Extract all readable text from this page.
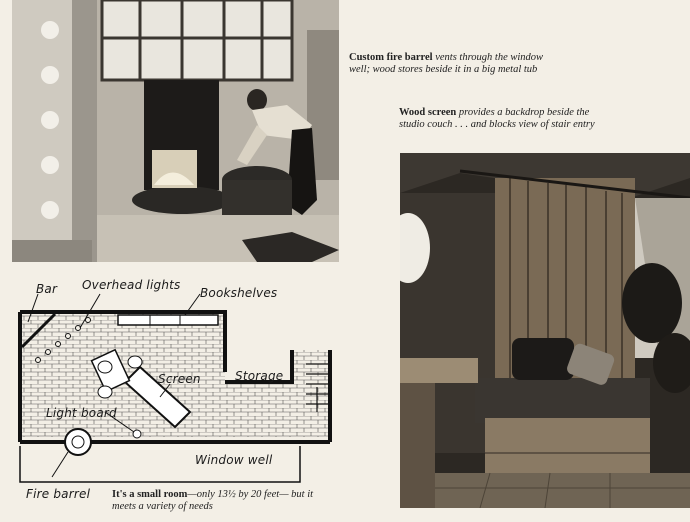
Custom fire barrel vents through the window well; wood stores beside it in a big metal tub
Wood screen provides a backdrop beside the studio couch . . . and blocks view of stair entry
Bar Overhead lights
Bookshelves
Screen	Storage
Light board
Window well
Fire barrel It's a small room—only 13½ by 20 feet— but it meets a variety of needs
